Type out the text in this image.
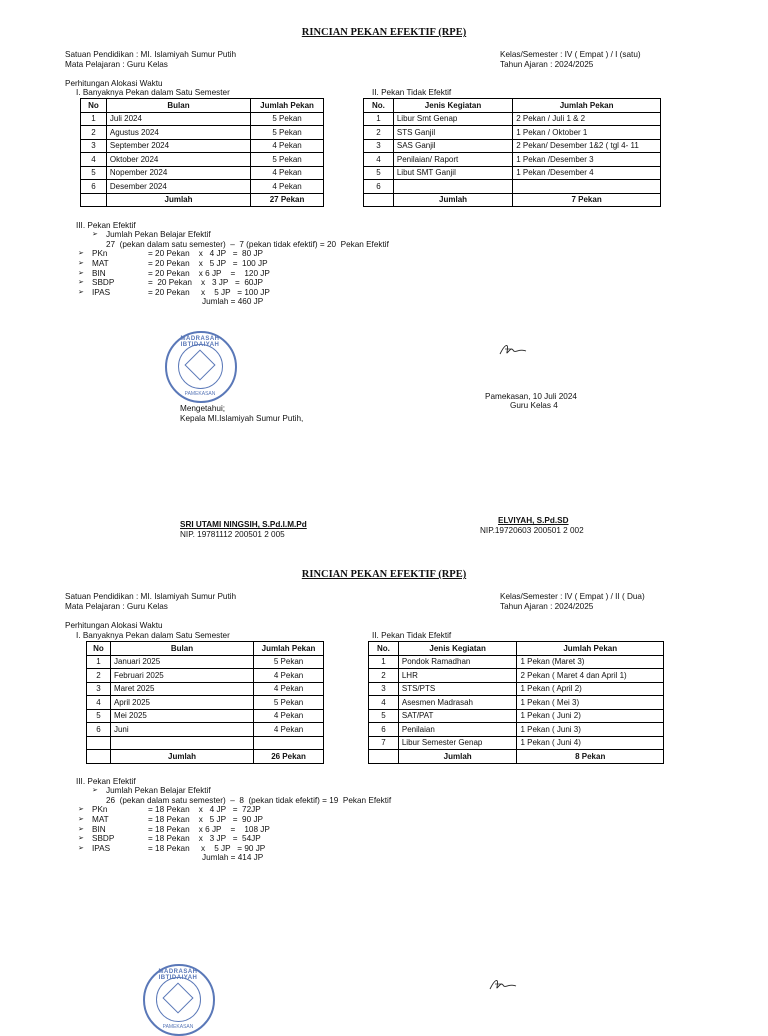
RINCIAN PEKAN EFEKTIF (RPE)
Satuan Pendidikan : MI. Islamiyah Sumur Putih
Mata Pelajaran : Guru Kelas
Kelas/Semester : IV ( Empat ) / I (satu)
Tahun Ajaran : 2024/2025
Perhitungan Alokasi Waktu
I. Banyaknya Pekan dalam Satu Semester	II. Pekan Tidak Efektif
No	Bulan	Jumlah Pekan
1	Juli 2024	5 Pekan
2	Agustus 2024	5 Pekan
3	September 2024	4 Pekan
4	Oktober 2024	5 Pekan
5	Nopember 2024	4 Pekan
6	Desember 2024	4 Pekan
	Jumlah	27 Pekan
No.	Jenis Kegiatan	Jumlah Pekan
1	Libur Smt Genap	2 Pekan / Juli 1 & 2
2	STS Ganjil	1 Pekan / Oktober 1
3	SAS Ganjil	2 Pekan/ Desember 1&2 ( tgl 4- 11
4	Penilaian/ Raport	1 Pekan /Desember 3
5	Libut SMT Ganjil	1 Pekan /Desember 4
6		
	Jumlah	7 Pekan
III. Pekan Efektif
➢ Jumlah Pekan Belajar Efektif
27  (pekan dalam satu semester)  –  7 (pekan tidak efektif) = 20  Pekan Efektif
➢ PKn	= 20 Pekan    x   4 JP   =  80 JP
➢ MAT	= 20 Pekan    x   5 JP   =  100 JP
➢ BIN	= 20 Pekan    x 6 JP    =    120 JP
➢ SBDP	=  20 Pekan    x   3 JP   =  60JP
➢ IPAS	= 20 Pekan     x    5 JP   = 100 JP
Jumlah = 460 JP
MADRASAH IBTIDAIYAH
PAMEKASAN	Pamekasan, 10 Juli 2024
Guru Kelas 4
Mengetahui;
Kepala MI.Islamiyah Sumur Putih,
SRI UTAMI NINGSIH, S.Pd.I.M.Pd
NIP. 19781112 200501 2 005
ELVIYAH, S.Pd.SD
NIP.19720603 200501 2 002
RINCIAN PEKAN EFEKTIF (RPE)
Satuan Pendidikan : MI. Islamiyah Sumur Putih
Mata Pelajaran : Guru Kelas
Kelas/Semester : IV ( Empat ) / II ( Dua)
Tahun Ajaran : 2024/2025
Perhitungan Alokasi Waktu
I. Banyaknya Pekan dalam Satu Semester	II. Pekan Tidak Efektif
No	Bulan	Jumlah Pekan
1	Januari 2025	5 Pekan
2	Februari 2025	4 Pekan
3	Maret 2025	4 Pekan
4	April 2025	5 Pekan
5	Mei 2025	4 Pekan
6	Juni	4 Pekan

	Jumlah	26 Pekan
No.	Jenis Kegiatan	Jumlah Pekan
1	Pondok Ramadhan	1 Pekan (Maret 3)
2	LHR	2 Pekan ( Maret 4 dan April 1)
3	STS/PTS	1 Pekan ( April 2)
4	Asesmen Madrasah	1 Pekan ( Mei 3)
5	SAT/PAT	1 Pekan ( Juni 2)
6	Penilaian	1 Pekan ( Juni 3)
7	Libur Semester Genap	1 Pekan ( Juni 4)
	Jumlah	8 Pekan
III. Pekan Efektif
➢ Jumlah Pekan Belajar Efektif
26  (pekan dalam satu semester)  –  8  (pekan tidak efektif) = 19  Pekan Efektif
➢ PKn	= 18 Pekan    x   4 JP   =  72JP
➢ MAT	= 18 Pekan    x   5 JP   =  90 JP
➢ BIN	= 18 Pekan    x 6 JP    =    108 JP
➢ SBDP	= 18 Pekan    x   3 JP   =  54JP
➢ IPAS	= 18 Pekan     x    5 JP   = 90 JP
Jumlah = 414 JP
MADRASAH IBTIDAIYAH
PAMEKASAN
